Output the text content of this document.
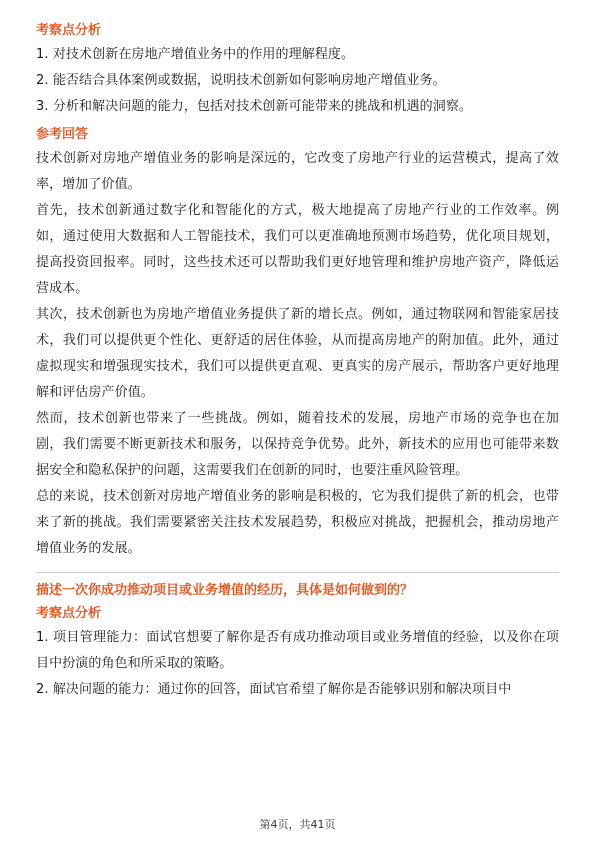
考察点分析

1. 对技术创新在房地产增值业务中的作用的理解程度。

2. 能否结合具体案例或数据，说明技术创新如何影响房地产增值业务。

3. 分析和解决问题的能力，包括对技术创新可能带来的挑战和机遇的洞察。

参考回答

技术创新对房地产增值业务的影响是深远的，它改变了房地产行业的运营模式，提高了效率，增加了价值。

首先，技术创新通过数字化和智能化的方式，极大地提高了房地产行业的工作效率。例如，通过使用大数据和人工智能技术，我们可以更准确地预测市场趋势，优化项目规划，提高投资回报率。同时，这些技术还可以帮助我们更好地管理和维护房地产资产，降低运营成本。

其次，技术创新也为房地产增值业务提供了新的增长点。例如，通过物联网和智能家居技术，我们可以提供更个性化、更舒适的居住体验，从而提高房地产的附加值。此外，通过虚拟现实和增强现实技术，我们可以提供更直观、更真实的房产展示，帮助客户更好地理解和评估房产价值。

然而，技术创新也带来了一些挑战。例如，随着技术的发展，房地产市场的竞争也在加剧，我们需要不断更新技术和服务，以保持竞争优势。此外，新技术的应用也可能带来数据安全和隐私保护的问题，这需要我们在创新的同时，也要注重风险管理。

总的来说，技术创新对房地产增值业务的影响是积极的，它为我们提供了新的机会，也带来了新的挑战。我们需要紧密关注技术发展趋势，积极应对挑战，把握机会，推动房地产增值业务的发展。

描述一次你成功推动项目或业务增值的经历，具体是如何做到的？

考察点分析

1. 项目管理能力：面试官想要了解你是否有成功推动项目或业务增值的经验，以及你在项目中扮演的角色和所采取的策略。

2. 解决问题的能力：通过你的回答，面试官希望了解你是否能够识别和解决项目中

第4页，共41页
